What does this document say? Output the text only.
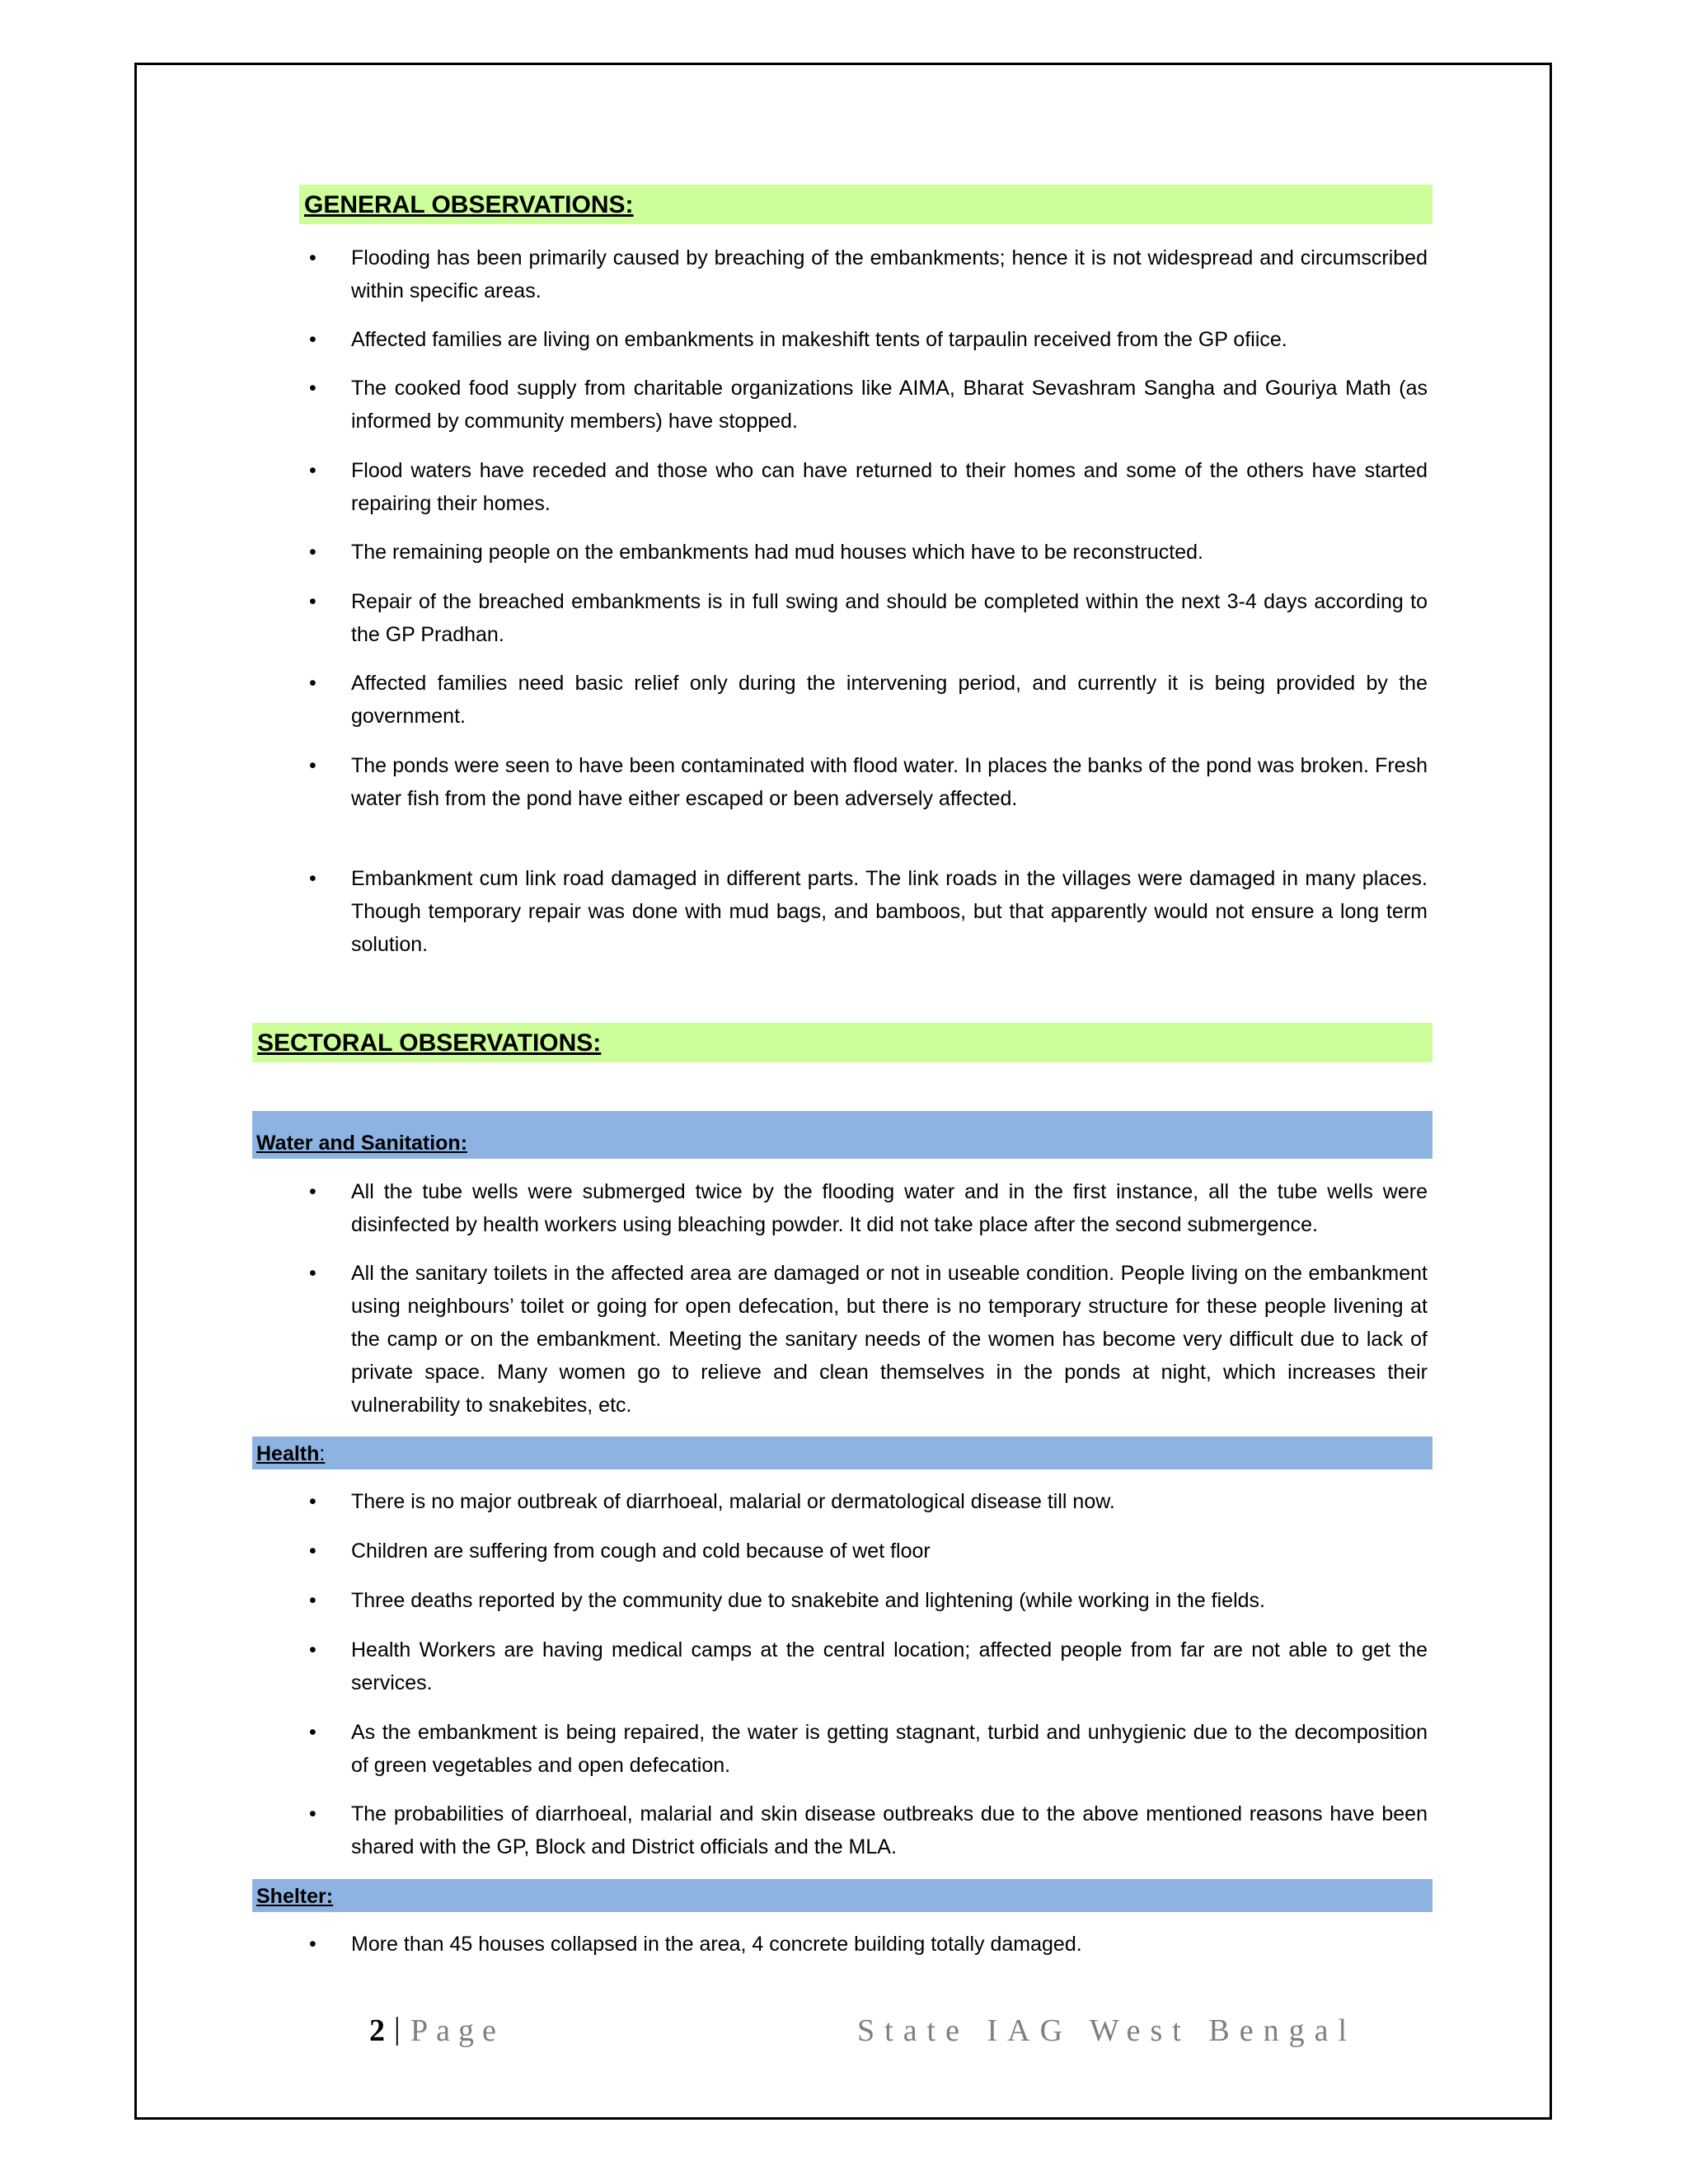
GENERAL OBSERVATIONS:
• Flooding has been primarily caused by breaching of the embankments; hence it is not widespread and circumscribed within specific areas.
• Affected families are living on embankments in makeshift tents of tarpaulin received from the GP ofiice.
• The cooked food supply from charitable organizations like AIMA, Bharat Sevashram Sangha and Gouriya Math (as informed by community members) have stopped.
• Flood waters have receded and those who can have returned to their homes and some of the others have started repairing their homes.
• The remaining people on the embankments had mud houses which have to be reconstructed.
• Repair of the breached embankments is in full swing and should be completed within the next 3-4 days according to the GP Pradhan.
• Affected families need basic relief only during the intervening period, and currently it is being provided by the government.
• The ponds were seen to have been contaminated with flood water. In places the banks of the pond was broken. Fresh water fish from the pond have either escaped or been adversely affected.
• Embankment cum link road damaged in different parts. The link roads in the villages were damaged in many places. Though temporary repair was done with mud bags, and bamboos, but that apparently would not ensure a long term solution.
SECTORAL OBSERVATIONS:
Water and Sanitation:
• All the tube wells were submerged twice by the flooding water and in the first instance, all the tube wells were disinfected by health workers using bleaching powder. It did not take place after the second submergence.
• All the sanitary toilets in the affected area are damaged or not in useable condition. People living on the embankment using neighbours’ toilet or going for open defecation, but there is no temporary structure for these people livening at the camp or on the embankment. Meeting the sanitary needs of the women has become very difficult due to lack of private space. Many women go to relieve and clean themselves in the ponds at night, which increases their vulnerability to snakebites, etc.
Health:
• There is no major outbreak of diarrhoeal, malarial or dermatological disease till now.
• Children are suffering from cough and cold because of wet floor
• Three deaths reported by the community due to snakebite and lightening (while working in the fields.
• Health Workers are having medical camps at the central location; affected people from far are not able to get the services.
• As the embankment is being repaired, the water is getting stagnant, turbid and unhygienic due to the decomposition of green vegetables and open defecation.
• The probabilities of diarrhoeal, malarial and skin disease outbreaks due to the above mentioned reasons have been shared with the GP, Block and District officials and the MLA.
Shelter:
• More than 45 houses collapsed in the area, 4 concrete building totally damaged.
2 | Page	State IAG West Bengal
